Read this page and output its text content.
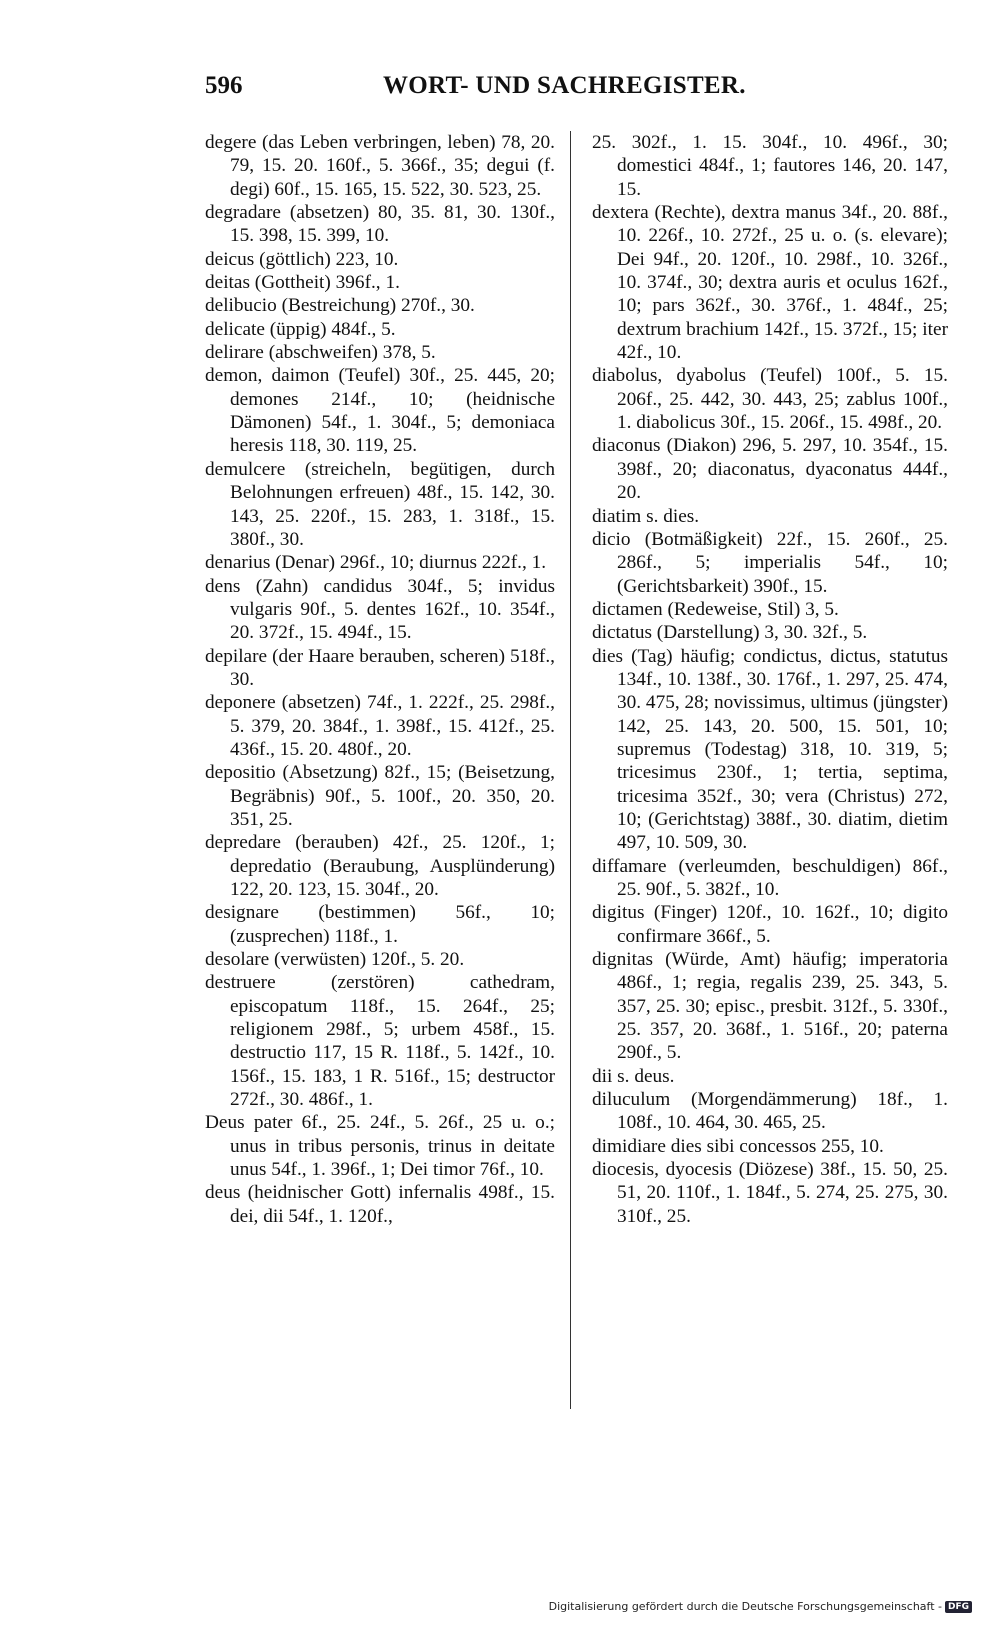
596	WORT- UND SACHREGISTER.

degere (das Leben verbringen, leben) 78, 20. 79, 15. 20. 160f., 5. 366f., 35; degui (f. degi) 60f., 15. 165, 15. 522, 30. 523, 25.

degradare (absetzen) 80, 35. 81, 30. 130f., 15. 398, 15. 399, 10.

deicus (göttlich) 223, 10.

deitas (Gottheit) 396f., 1.

delibucio (Bestreichung) 270f., 30.

delicate (üppig) 484f., 5.

delirare (abschweifen) 378, 5.

demon, daimon (Teufel) 30f., 25. 445, 20; demones 214f., 10; (heidnische Dämonen) 54f., 1. 304f., 5; demoniaca heresis 118, 30. 119, 25.

demulcere (streicheln, begütigen, durch Belohnungen erfreuen) 48f., 15. 142, 30. 143, 25. 220f., 15. 283, 1. 318f., 15. 380f., 30.

denarius (Denar) 296f., 10; diurnus 222f., 1.

dens (Zahn) candidus 304f., 5; invidus vulgaris 90f., 5. dentes 162f., 10. 354f., 20. 372f., 15. 494f., 15.

depilare (der Haare berauben, scheren) 518f., 30.

deponere (absetzen) 74f., 1. 222f., 25. 298f., 5. 379, 20. 384f., 1. 398f., 15. 412f., 25. 436f., 15. 20. 480f., 20.

depositio (Absetzung) 82f., 15; (Beisetzung, Begräbnis) 90f., 5. 100f., 20. 350, 20. 351, 25.

depredare (berauben) 42f., 25. 120f., 1; depredatio (Beraubung, Ausplünderung) 122, 20. 123, 15. 304f., 20.

designare (bestimmen) 56f., 10; (zusprechen) 118f., 1.

desolare (verwüsten) 120f., 5. 20.

destruere (zerstören) cathedram, episcopatum 118f., 15. 264f., 25; religionem 298f., 5; urbem 458f., 15. destructio 117, 15 R. 118f., 5. 142f., 10. 156f., 15. 183, 1 R. 516f., 15; destructor 272f., 30. 486f., 1.

Deus pater 6f., 25. 24f., 5. 26f., 25 u. o.; unus in tribus personis, trinus in deitate unus 54f., 1. 396f., 1; Dei timor 76f., 10.

deus (heidnischer Gott) infernalis 498f., 15. dei, dii 54f., 1. 120f.,

25. 302f., 1. 15. 304f., 10. 496f., 30; domestici 484f., 1; fautores 146, 20. 147, 15.

dextera (Rechte), dextra manus 34f., 20. 88f., 10. 226f., 10. 272f., 25 u. o. (s. elevare); Dei 94f., 20. 120f., 10. 298f., 10. 326f., 10. 374f., 30; dextra auris et oculus 162f., 10; pars 362f., 30. 376f., 1. 484f., 25; dextrum brachium 142f., 15. 372f., 15; iter 42f., 10.

diabolus, dyabolus (Teufel) 100f., 5. 15. 206f., 25. 442, 30. 443, 25; zablus 100f., 1. diabolicus 30f., 15. 206f., 15. 498f., 20.

diaconus (Diakon) 296, 5. 297, 10. 354f., 15. 398f., 20; diaconatus, dyaconatus 444f., 20.

diatim s. dies.

dicio (Botmäßigkeit) 22f., 15. 260f., 25. 286f., 5; imperialis 54f., 10; (Gerichtsbarkeit) 390f., 15.

dictamen (Redeweise, Stil) 3, 5.

dictatus (Darstellung) 3, 30. 32f., 5.

dies (Tag) häufig; condictus, dictus, statutus 134f., 10. 138f., 30. 176f., 1. 297, 25. 474, 30. 475, 28; novissimus, ultimus (jüngster) 142, 25. 143, 20. 500, 15. 501, 10; supremus (Todestag) 318, 10. 319, 5; tricesimus 230f., 1; tertia, septima, tricesima 352f., 30; vera (Christus) 272, 10; (Gerichtstag) 388f., 30. diatim, dietim 497, 10. 509, 30.

diffamare (verleumden, beschuldigen) 86f., 25. 90f., 5. 382f., 10.

digitus (Finger) 120f., 10. 162f., 10; digito confirmare 366f., 5.

dignitas (Würde, Amt) häufig; imperatoria 486f., 1; regia, regalis 239, 25. 343, 5. 357, 25. 30; episc., presbit. 312f., 5. 330f., 25. 357, 20. 368f., 1. 516f., 20; paterna 290f., 5.

dii s. deus.

diluculum (Morgendämmerung) 18f., 1. 108f., 10. 464, 30. 465, 25.

dimidiare dies sibi concessos 255, 10.

diocesis, dyocesis (Diözese) 38f., 15. 50, 25. 51, 20. 110f., 1. 184f., 5. 274, 25. 275, 30. 310f., 25.

Digitalisierung gefördert durch die Deutsche Forschungsgemeinschaft - DFG
